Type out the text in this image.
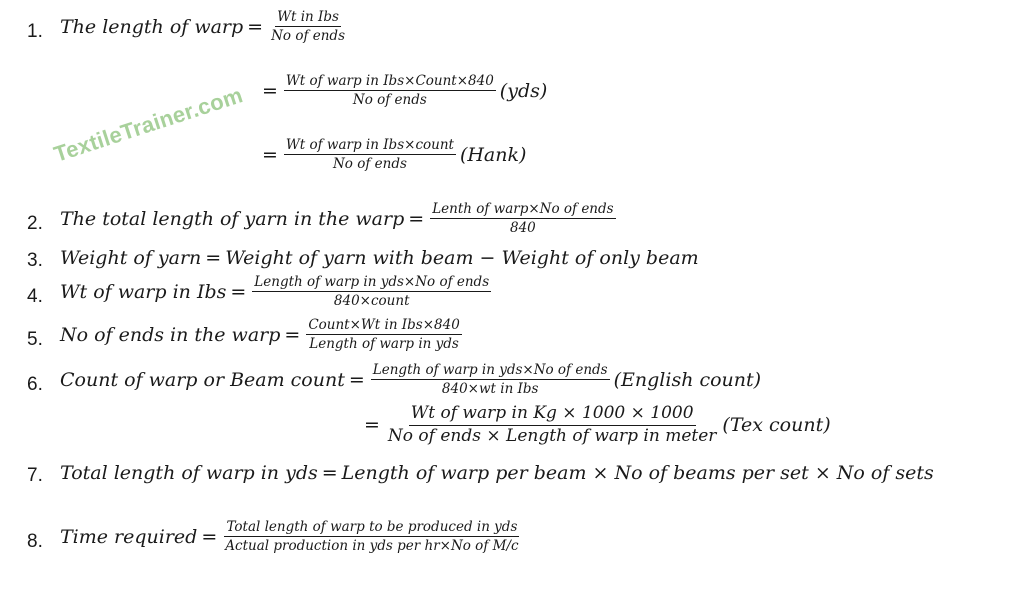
TextileTrainer.com
1. The length of warp = $\frac{\text{Wt in Ibs}}{\text{No of ends}}$
= $\frac{\text{Wt of warp in Ibs×Count×840}}{\text{No of ends}} (yds)$
= $\frac{\text{Wt of warp in Ibs×count}}{\text{No of ends}}$ (Hank)
2. The total length of yarn in the warp = $\frac{\text{Lenth of warp×No of ends}}{840}$
3. Weight of yarn = Weight of yarn with beam − Weight of only beam
4. Wt of warp in Ibs = $\frac{\text{Length of warp in yds×No of ends}}{\text{840×count}}$
5. No of ends in the warp = $\frac{\text{Count×Wt in Ibs×840}}{\text{Length of warp in yds}}$
6. Count of warp or Beam count = $\frac{\text{Length of warp in yds×No of ends}}{\text{840×wt in Ibs}}$ (English count)
= $\frac{\text{Wt of warp in Kg × 1000 × 1000}}{\text{No of ends × Length of warp in meter}} (Tex$ count)
7. Total length of warp in yds = Length of warp per beam × No of beams per set × No of sets
8. Time required = $\frac{\text{Total length of warp to be produced in yds}}{\text{Actual production in yds per hr×No of M/c}}$
